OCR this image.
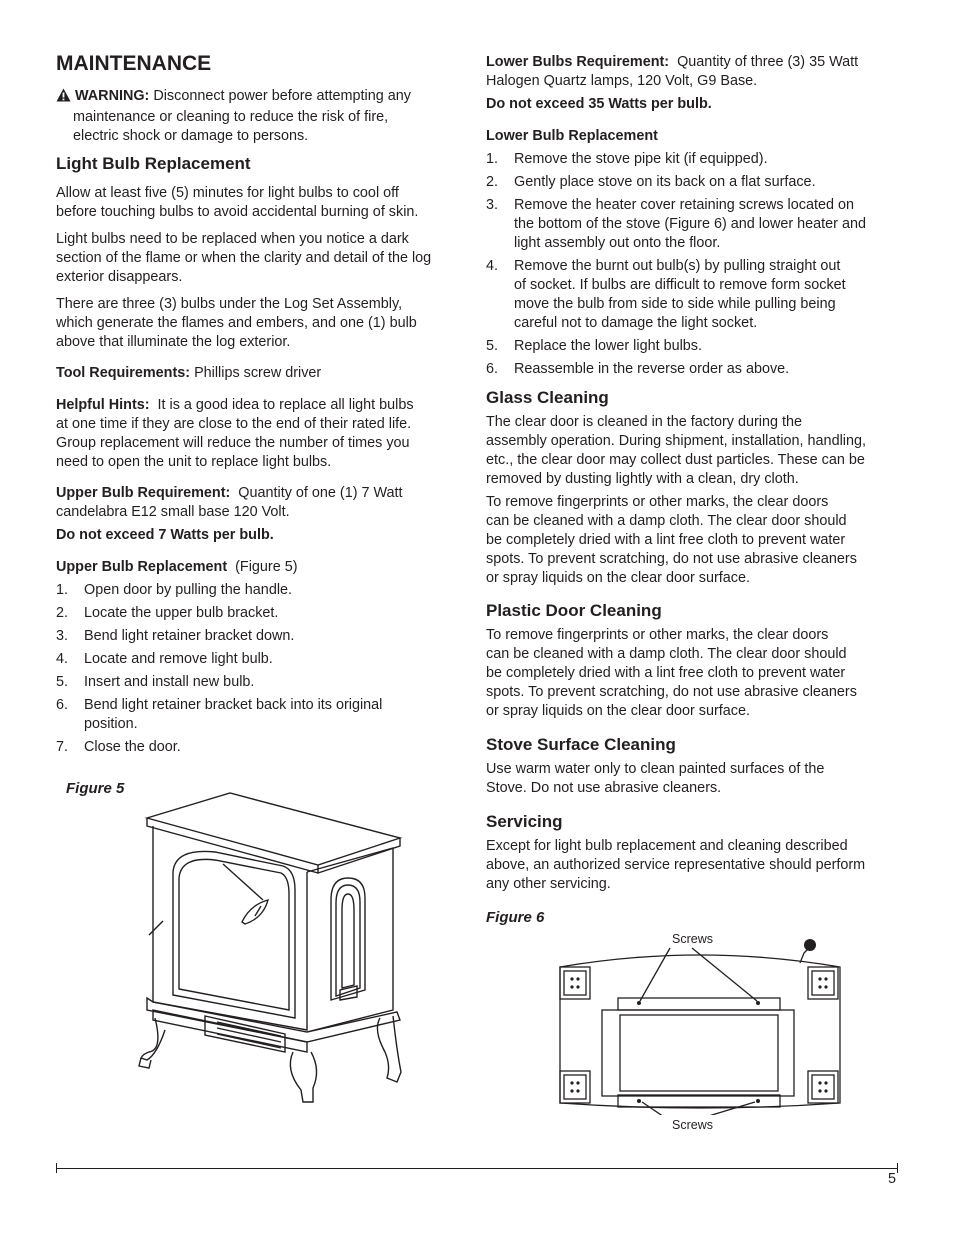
MAINTENANCE
WARNING: Disconnect power before attempting any
maintenance or cleaning to reduce the risk of fire,
electric shock or damage to persons.
Light Bulb Replacement
Allow at least five (5) minutes for light bulbs to cool off
before touching bulbs to avoid accidental burning of skin.
Light bulbs need to be replaced when you notice a dark
section of the flame or when the clarity and detail of the log
exterior disappears.
There are three (3) bulbs under the Log Set Assembly,
which generate the flames and embers, and one (1) bulb
above that illuminate the log exterior.
Tool Requirements: Phillips screw driver
Helpful Hints: It is a good idea to replace all light bulbs
at one time if they are close to the end of their rated life.
Group replacement will reduce the number of times you
need to open the unit to replace light bulbs.
Upper Bulb Requirement: Quantity of one (1) 7 Watt
candelabra E12 small base 120 Volt.
Do not exceed 7 Watts per bulb.
Upper Bulb Replacement (Figure 5)
1. Open door by pulling the handle.
2. Locate the upper bulb bracket.
3. Bend light retainer bracket down.
4. Locate and remove light bulb.
5. Insert and install new bulb.
6. Bend light retainer bracket back into its original
position.
7. Close the door.
Figure 5
Lower Bulbs Requirement: Quantity of three (3) 35 Watt
Halogen Quartz lamps, 120 Volt, G9 Base.
Do not exceed 35 Watts per bulb.
Lower Bulb Replacement
1. Remove the stove pipe kit (if equipped).
2. Gently place stove on its back on a flat surface.
3. Remove the heater cover retaining screws located on
the bottom of the stove (Figure 6) and lower heater and
light assembly out onto the floor.
4. Remove the burnt out bulb(s) by pulling straight out
of socket. If bulbs are difficult to remove form socket
move the bulb from side to side while pulling being
careful not to damage the light socket.
5. Replace the lower light bulbs.
6. Reassemble in the reverse order as above.
Glass Cleaning
The clear door is cleaned in the factory during the
assembly operation. During shipment, installation, handling,
etc., the clear door may collect dust particles. These can be
removed by dusting lightly with a clean, dry cloth.
To remove fingerprints or other marks, the clear doors
can be cleaned with a damp cloth. The clear door should
be completely dried with a lint free cloth to prevent water
spots. To prevent scratching, do not use abrasive cleaners
or spray liquids on the clear door surface.
Plastic Door Cleaning
To remove fingerprints or other marks, the clear doors
can be cleaned with a damp cloth. The clear door should
be completely dried with a lint free cloth to prevent water
spots. To prevent scratching, do not use abrasive cleaners
or spray liquids on the clear door surface.
Stove Surface Cleaning
Use warm water only to clean painted surfaces of the
Stove. Do not use abrasive cleaners.
Servicing
Except for light bulb replacement and cleaning described
above, an authorized service representative should perform
any other servicing.
Figure 6
Screws
Screws
5
